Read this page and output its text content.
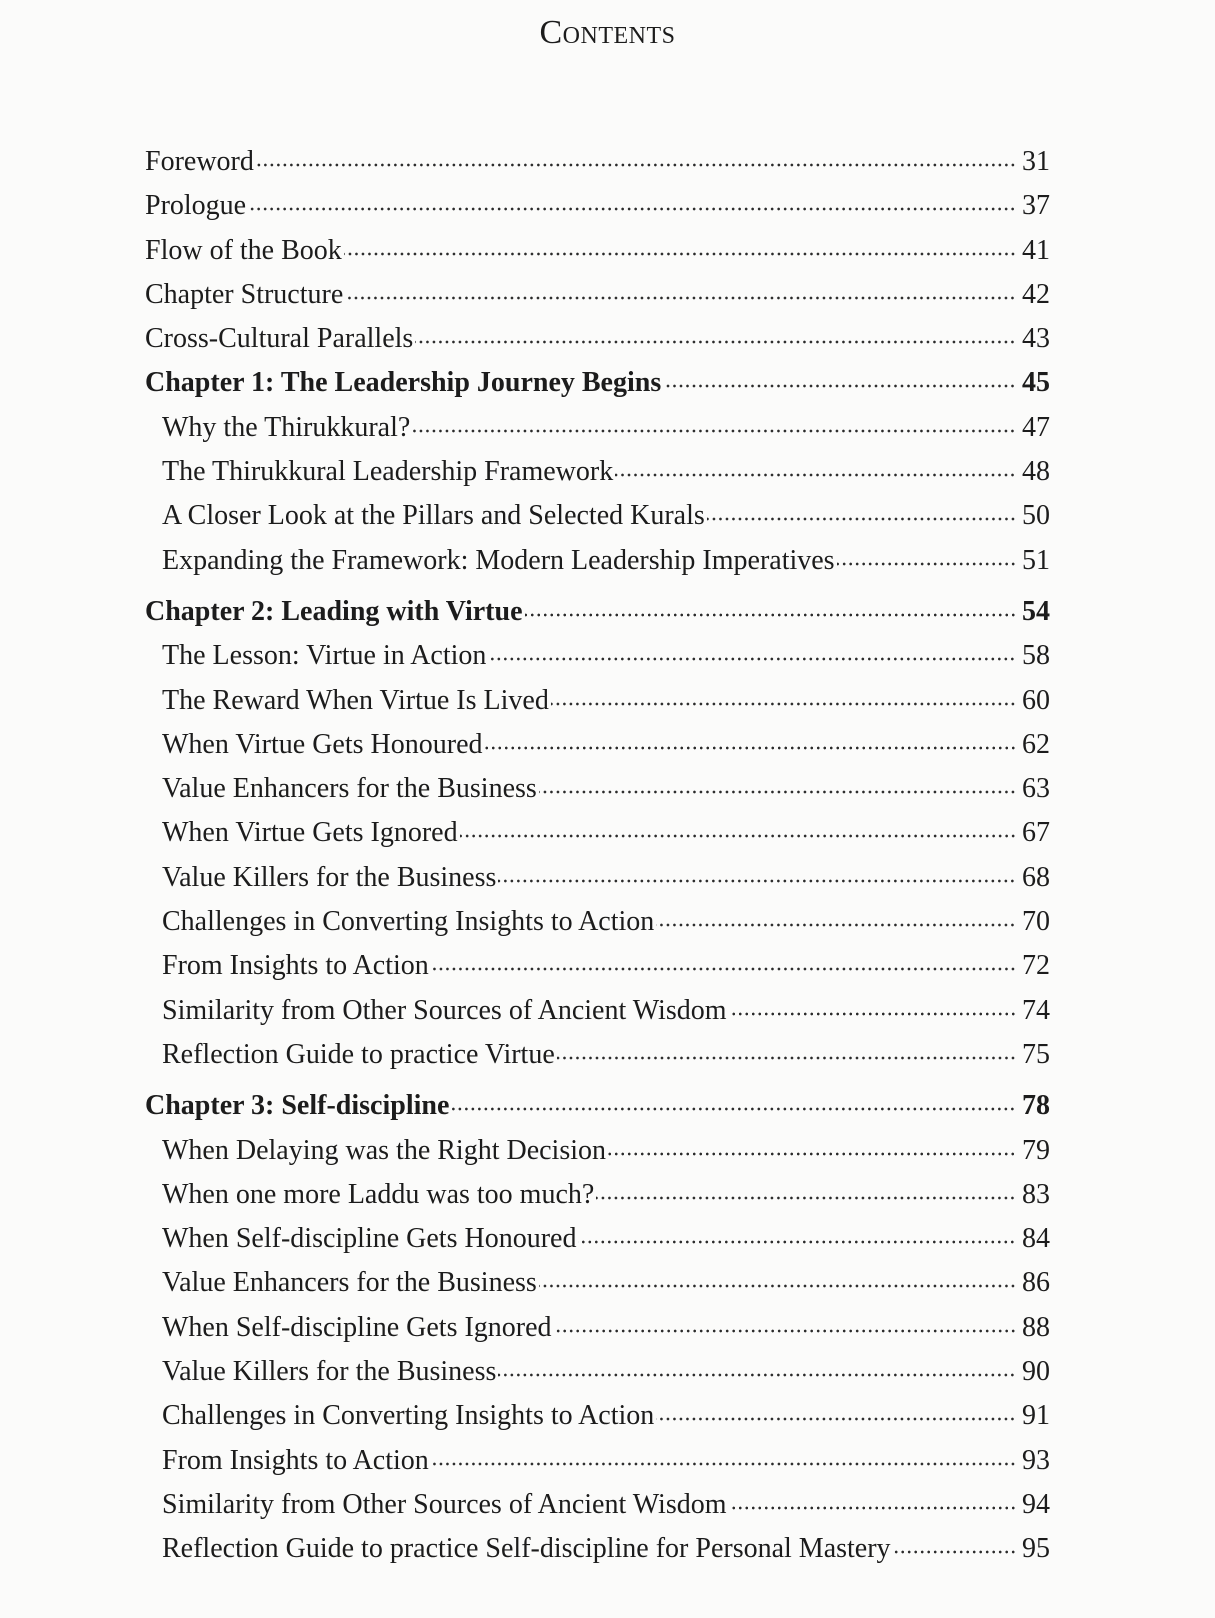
Contents
Foreword	31
Prologue	37
Flow of the Book	41
Chapter Structure	42
Cross-Cultural Parallels	43
Chapter 1: The Leadership Journey Begins	45
Why the Thirukkural?	47
The Thirukkural Leadership Framework	48
A Closer Look at the Pillars and Selected Kurals	50
Expanding the Framework: Modern Leadership Imperatives	51
Chapter 2: Leading with Virtue	54
The Lesson: Virtue in Action	58
The Reward When Virtue Is Lived	60
When Virtue Gets Honoured	62
Value Enhancers for the Business	63
When Virtue Gets Ignored	67
Value Killers for the Business	68
Challenges in Converting Insights to Action	70
From Insights to Action	72
Similarity from Other Sources of Ancient Wisdom	74
Reflection Guide to practice Virtue	75
Chapter 3: Self-discipline	78
When Delaying was the Right Decision	79
When one more Laddu was too much?	83
When Self-discipline Gets Honoured	84
Value Enhancers for the Business	86
When Self-discipline Gets Ignored	88
Value Killers for the Business	90
Challenges in Converting Insights to Action	91
From Insights to Action	93
Similarity from Other Sources of Ancient Wisdom	94
Reflection Guide to practice Self-discipline for Personal Mastery	95
